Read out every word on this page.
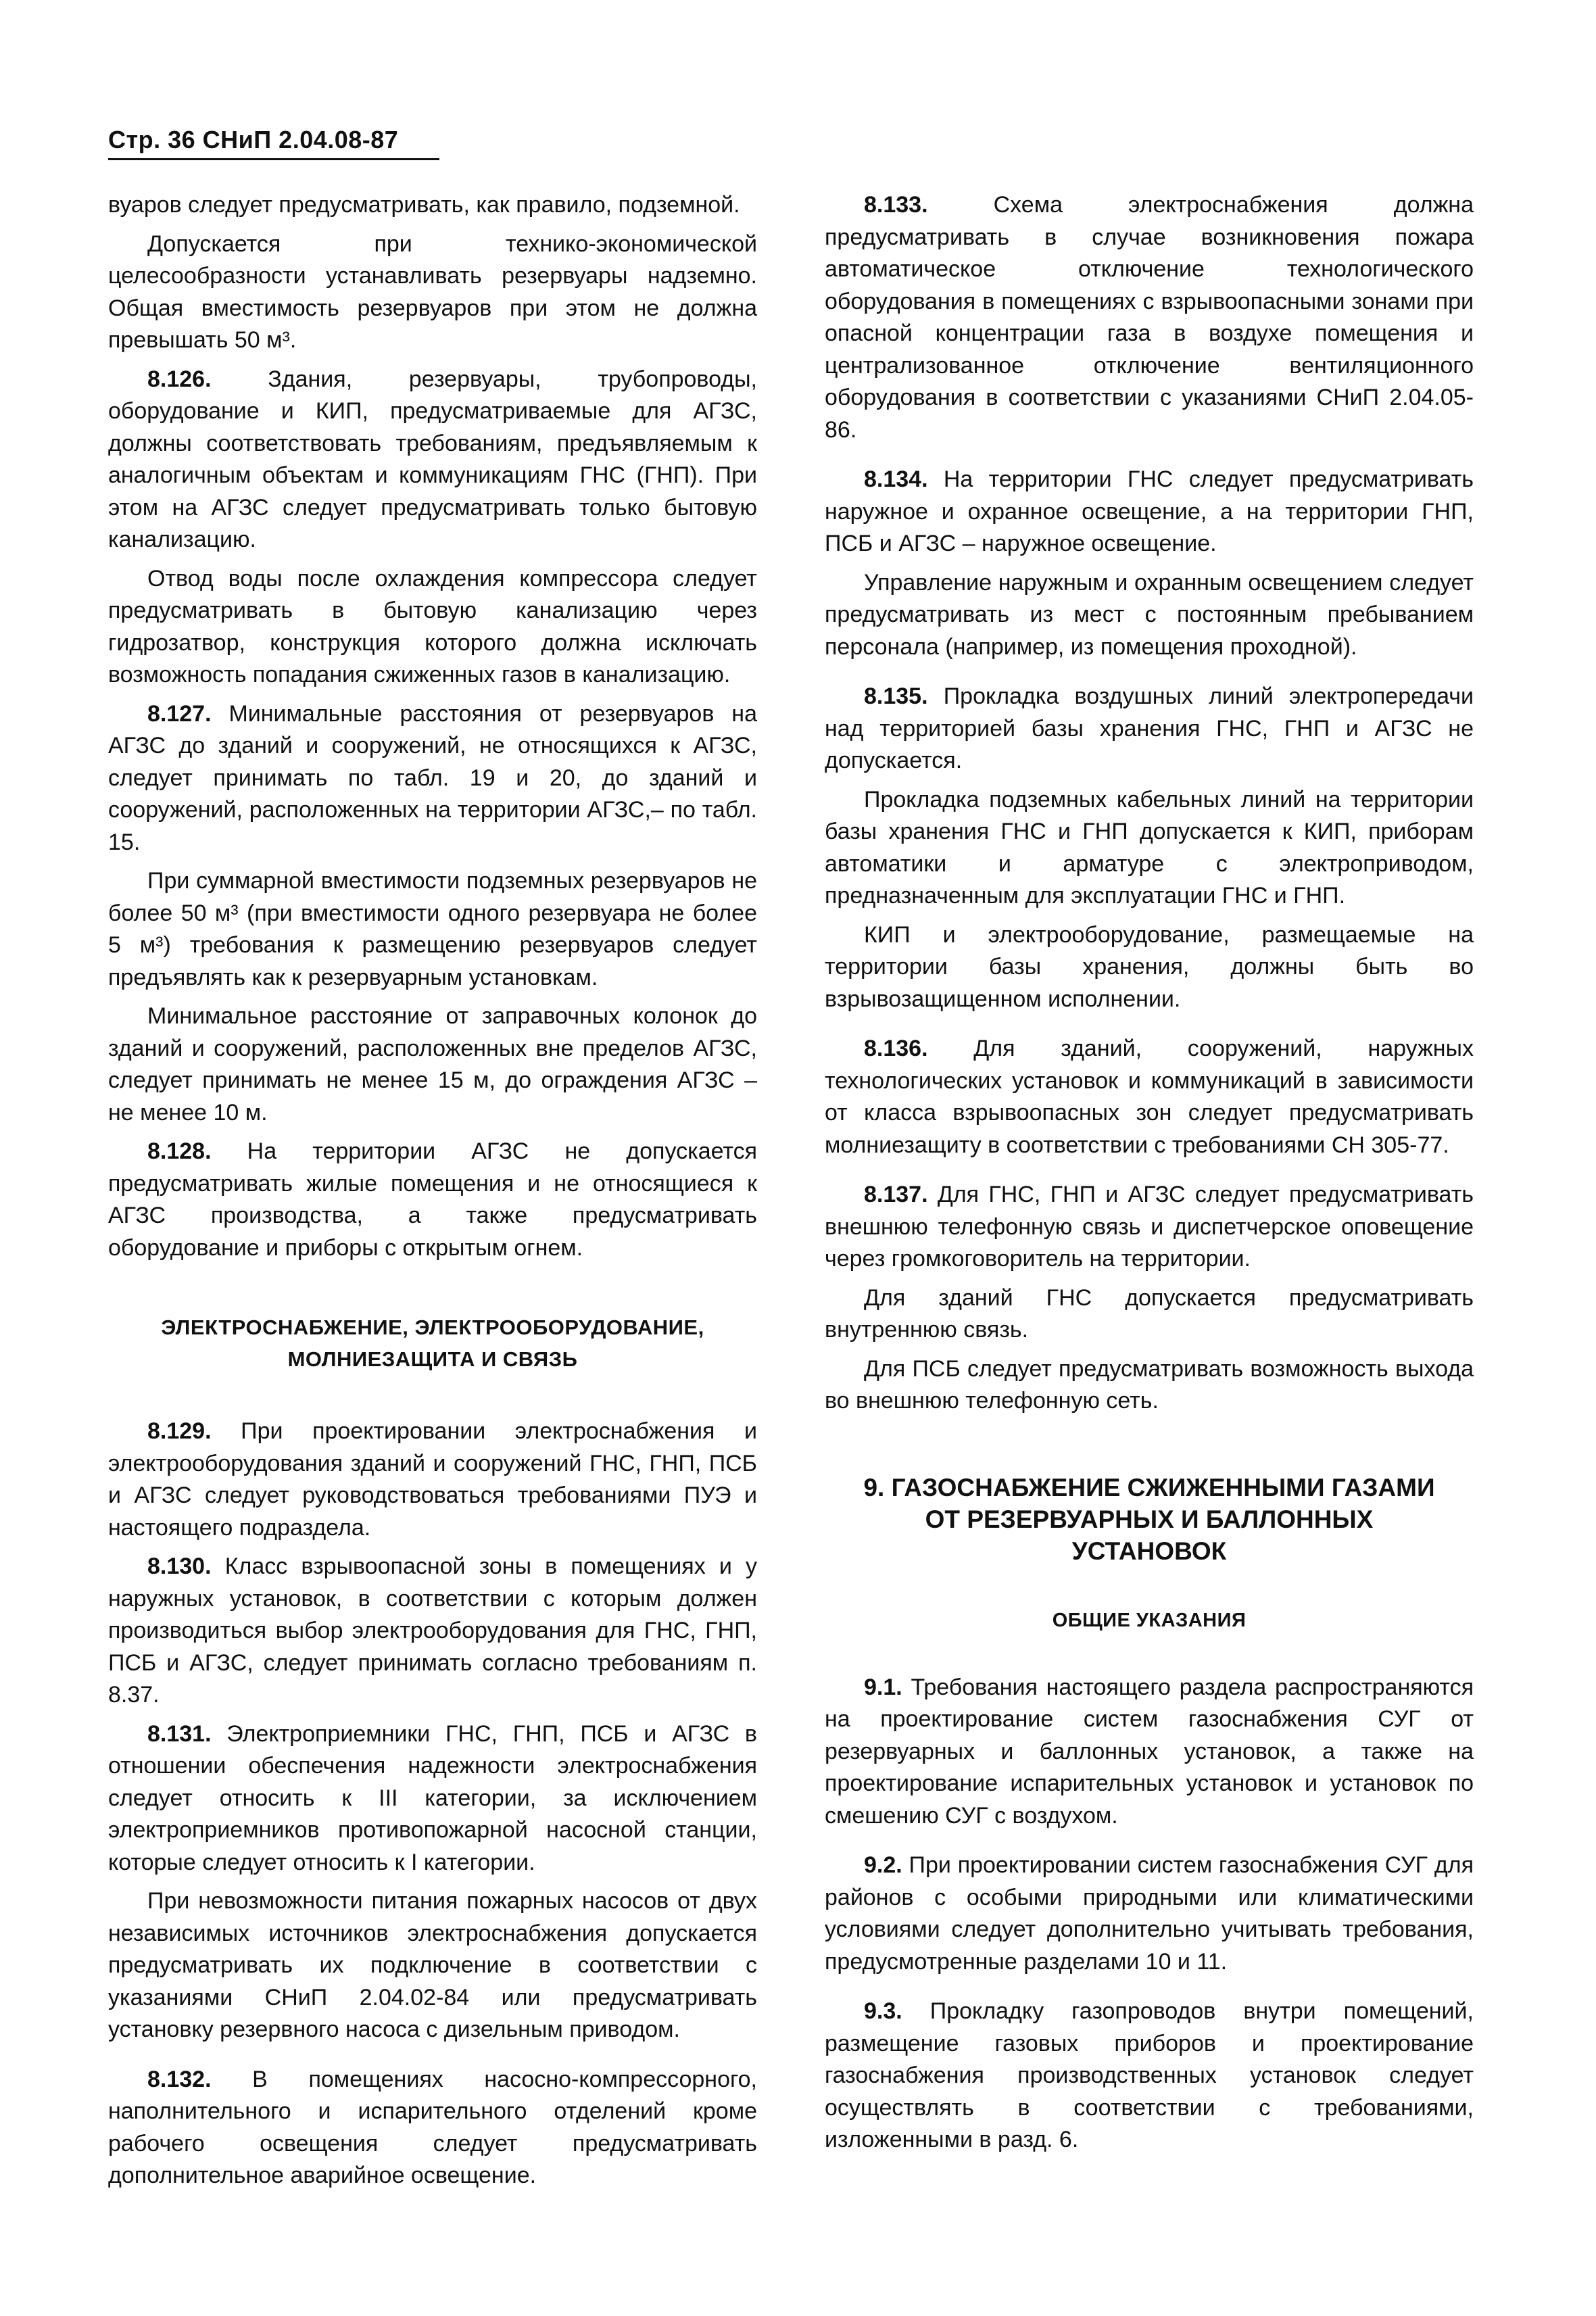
Стр. 36 СНиП 2.04.08-87

вуаров следует предусматривать, как правило, подземной.

Допускается при технико-экономической целесообразности устанавливать резервуары надземно. Общая вместимость резервуаров при этом не должна превышать 50 м³.

8.126. Здания, резервуары, трубопроводы, оборудование и КИП, предусматриваемые для АГЗС, должны соответствовать требованиям, предъявляемым к аналогичным объектам и коммуникациям ГНС (ГНП). При этом на АГЗС следует предусматривать только бытовую канализацию.

Отвод воды после охлаждения компрессора следует предусматривать в бытовую канализацию через гидрозатвор, конструкция которого должна исключать возможность попадания сжиженных газов в канализацию.

8.127. Минимальные расстояния от резервуаров на АГЗС до зданий и сооружений, не относящихся к АГЗС, следует принимать по табл. 19 и 20, до зданий и сооружений, расположенных на территории АГЗС,– по табл. 15.

При суммарной вместимости подземных резервуаров не более 50 м³ (при вместимости одного резервуара не более 5 м³) требования к размещению резервуаров следует предъявлять как к резервуарным установкам.

Минимальное расстояние от заправочных колонок до зданий и сооружений, расположенных вне пределов АГЗС, следует принимать не менее 15 м, до ограждения АГЗС – не менее 10 м.

8.128. На территории АГЗС не допускается предусматривать жилые помещения и не относящиеся к АГЗС производства, а также предусматривать оборудование и приборы с открытым огнем.

ЭЛЕКТРОСНАБЖЕНИЕ, ЭЛЕКТРООБОРУДОВАНИЕ,
МОЛНИЕЗАЩИТА И СВЯЗЬ

8.129. При проектировании электроснабжения и электрооборудования зданий и сооружений ГНС, ГНП, ПСБ и АГЗС следует руководствоваться требованиями ПУЭ и настоящего подраздела.

8.130. Класс взрывоопасной зоны в помещениях и у наружных установок, в соответствии с которым должен производиться выбор электрооборудования для ГНС, ГНП, ПСБ и АГЗС, следует принимать согласно требованиям п. 8.37.

8.131. Электроприемники ГНС, ГНП, ПСБ и АГЗС в отношении обеспечения надежности электроснабжения следует относить к III категории, за исключением электроприемников противопожарной насосной станции, которые следует относить к I категории.

При невозможности питания пожарных насосов от двух независимых источников электроснабжения допускается предусматривать их подключение в соответствии с указаниями СНиП 2.04.02-84 или предусматривать установку резервного насоса с дизельным приводом.

8.132. В помещениях насосно-компрессорного, наполнительного и испарительного отделений кроме рабочего освещения следует предусматривать дополнительное аварийное освещение.

8.133.	Схема электроснабжения должна предусматривать в случае возникновения пожара автоматическое отключение технологического оборудования в помещениях с взрывоопасными зонами при опасной концентрации газа в воздухе помещения и централизованное отключение вентиляционного оборудования в соответствии с указаниями СНиП 2.04.05-86.

8.134. На территории ГНС следует предусматривать наружное и охранное освещение, а на территории ГНП, ПСБ и АГЗС – наружное освещение.

Управление наружным и охранным освещением следует предусматривать из мест с постоянным пребыванием персонала (например, из помещения проходной).

8.135. Прокладка воздушных линий электропередачи над территорией базы хранения ГНС, ГНП и АГЗС не допускается.

Прокладка подземных кабельных линий на территории базы хранения ГНС и ГНП допускается к КИП, приборам автоматики и арматуре с электроприводом, предназначенным для эксплуатации ГНС и ГНП.

КИП и электрооборудование, размещаемые на территории базы хранения, должны быть во взрывозащищенном исполнении.

8.136. Для зданий, сооружений, наружных технологических установок и коммуникаций в зависимости от класса взрывоопасных зон следует предусматривать молниезащиту в соответствии с требованиями СН 305-77.

8.137. Для ГНС, ГНП и АГЗС следует предусматривать внешнюю телефонную связь и диспетчерское оповещение через громкоговоритель на территории.

Для зданий ГНС допускается предусматривать внутреннюю связь.

Для ПСБ следует предусматривать возможность выхода во внешнюю телефонную сеть.

9. ГАЗОСНАБЖЕНИЕ СЖИЖЕННЫМИ ГАЗАМИ
ОТ РЕЗЕРВУАРНЫХ И БАЛЛОННЫХ
УСТАНОВОК
ОБЩИЕ УКАЗАНИЯ

9.1. Требования настоящего раздела распространяются на проектирование систем газоснабжения СУГ от резервуарных и баллонных установок, а также на проектирование испарительных установок и установок по смешению СУГ с воздухом.

9.2. При проектировании систем газоснабжения СУГ для районов с особыми природными или климатическими условиями следует дополнительно учитывать требования, предусмотренные разделами 10 и 11.

9.3. Прокладку газопроводов внутри помещений, размещение газовых приборов и проектирование газоснабжения производственных установок следует осуществлять в соответствии с требованиями, изложенными в разд. 6.
